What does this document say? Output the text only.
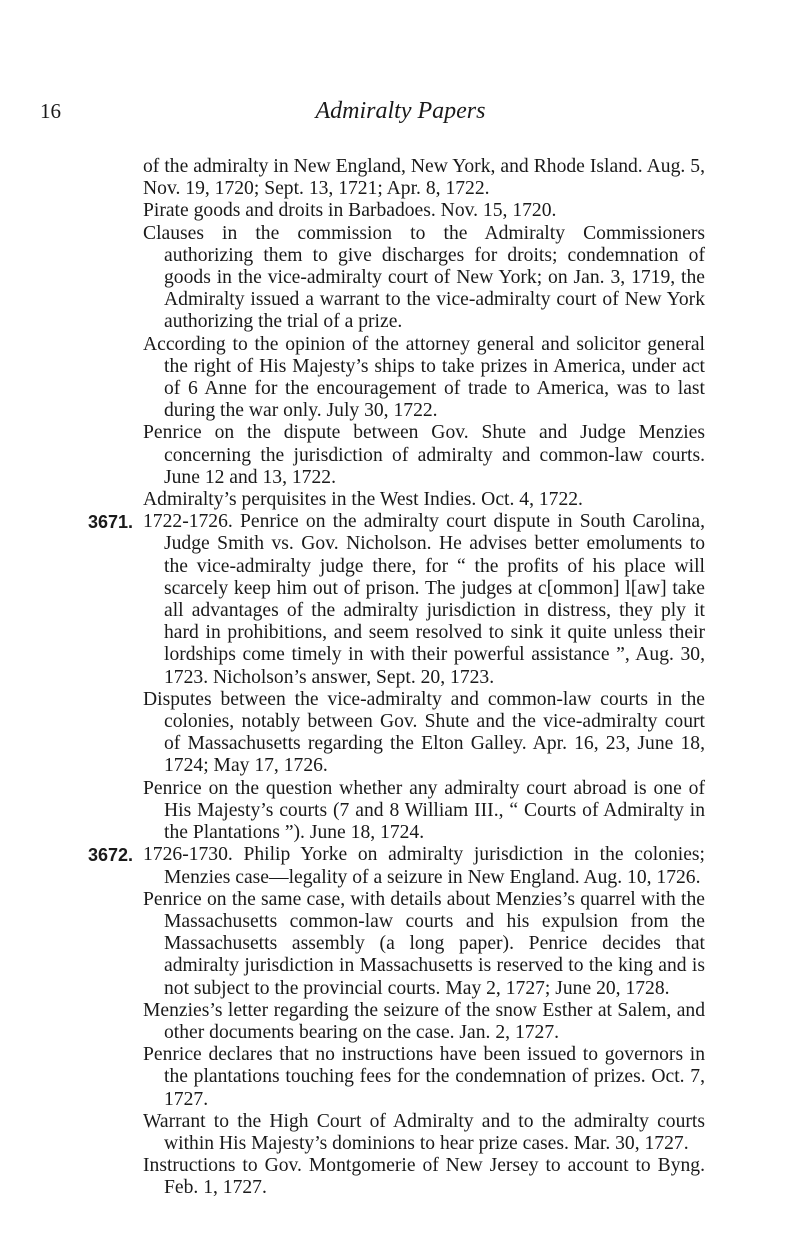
16	Admiralty Papers

of the admiralty in New England, New York, and Rhode Island. Aug. 5, Nov. 19, 1720; Sept. 13, 1721; Apr. 8, 1722.

Pirate goods and droits in Barbadoes. Nov. 15, 1720.

Clauses in the commission to the Admiralty Commissioners authorizing them to give discharges for droits; condemnation of goods in the vice-admiralty court of New York; on Jan. 3, 1719, the Admiralty issued a warrant to the vice-admiralty court of New York authorizing the trial of a prize.

According to the opinion of the attorney general and solicitor general the right of His Majesty’s ships to take prizes in America, under act of 6 Anne for the encouragement of trade to America, was to last during the war only. July 30, 1722.

Penrice on the dispute between Gov. Shute and Judge Menzies concerning the jurisdiction of admiralty and common-law courts. June 12 and 13, 1722.

Admiralty’s perquisites in the West Indies. Oct. 4, 1722.

3671. 1722-1726. Penrice on the admiralty court dispute in South Carolina, Judge Smith vs. Gov. Nicholson. He advises better emoluments to the vice-admiralty judge there, for “ the profits of his place will scarcely keep him out of prison. The judges at c[ommon] l[aw] take all advantages of the admiralty jurisdiction in distress, they ply it hard in prohibitions, and seem resolved to sink it quite unless their lordships come timely in with their powerful assistance ”, Aug. 30, 1723. Nicholson’s answer, Sept. 20, 1723.

Disputes between the vice-admiralty and common-law courts in the colonies, notably between Gov. Shute and the vice-admiralty court of Massachusetts regarding the Elton Galley. Apr. 16, 23, June 18, 1724; May 17, 1726.

Penrice on the question whether any admiralty court abroad is one of His Majesty’s courts (7 and 8 William III., “ Courts of Admiralty in the Plantations ”). June 18, 1724.

3672. 1726-1730. Philip Yorke on admiralty jurisdiction in the colonies; Menzies case—legality of a seizure in New England. Aug. 10, 1726.

Penrice on the same case, with details about Menzies’s quarrel with the Massachusetts common-law courts and his expulsion from the Massachusetts assembly (a long paper). Penrice decides that admiralty jurisdiction in Massachusetts is reserved to the king and is not subject to the provincial courts. May 2, 1727; June 20, 1728.

Menzies’s letter regarding the seizure of the snow Esther at Salem, and other documents bearing on the case. Jan. 2, 1727.

Penrice declares that no instructions have been issued to governors in the plantations touching fees for the condemnation of prizes. Oct. 7, 1727.

Warrant to the High Court of Admiralty and to the admiralty courts within His Majesty’s dominions to hear prize cases. Mar. 30, 1727.

Instructions to Gov. Montgomerie of New Jersey to account to Byng. Feb. 1, 1727.
